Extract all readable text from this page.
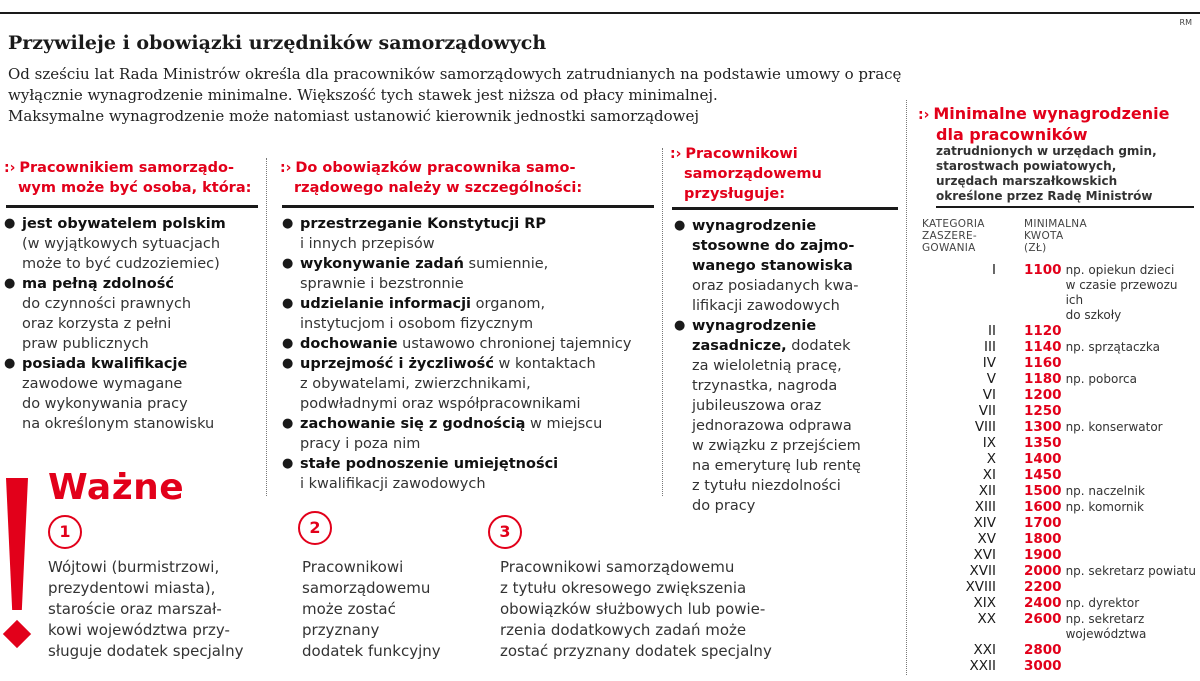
RM
Przywileje i obowiązki urzędników samorządowych

Od sześciu lat Rada Ministrów określa dla pracowników samorządowych zatrudnianych na podstawie umowy o pracę
wyłącznie wynagrodzenie minimalne. Większość tych stawek jest niższa od płacy minimalnej.
Maksymalne wynagrodzenie może natomiast ustanowić kierownik jednostki samorządowej

:› Pracownikiem samorządo- wym może być osoba, która:
● jest obywatelem polskim
(w wyjątkowych sytuacjach
może to być cudzoziemiec)
● ma pełną zdolność
do czynności prawnych
oraz korzysta z pełni
praw publicznych
● posiada kwalifikacje
zawodowe wymagane
do wykonywania pracy
na określonym stanowisku
:› Do obowiązków pracownika samo- rządowego należy w szczególności:
● przestrzeganie Konstytucji RP
i innych przepisów
● wykonywanie zadań sumiennie,
sprawnie i bezstronnie
● udzielanie informacji organom,
instytucjom i osobom fizycznym
● dochowanie ustawowo chronionej tajemnicy
● uprzejmość i życzliwość w kontaktach
z obywatelami, zwierzchnikami,
podwładnymi oraz współpracownikami
● zachowanie się z godnością w miejscu
pracy i poza nim
● stałe podnoszenie umiejętności
i kwalifikacji zawodowych
:› Pracownikowi samorządowemu przysługuje:
● wynagrodzenie
stosowne do zajmo-
wanego stanowiska
oraz posiadanych kwa-
lifikacji zawodowych
● wynagrodzenie
zasadnicze, dodatek
za wieloletnią pracę,
trzynastka, nagroda
jubileuszowa oraz
jednorazowa odprawa
w związku z przejściem
na emeryturę lub rentę
z tytułu niezdolności
do pracy
Ważne
1
Wójtowi (burmistrzowi,
prezydentowi miasta),
staroście oraz marszał-
kowi województwa przy-
sługuje dodatek specjalny
2
Pracownikowi
samorządowemu
może zostać
przyznany
dodatek funkcyjny
3
Pracownikowi samorządowemu
z tytułu okresowego zwiększenia
obowiązków służbowych lub powie-
rzenia dodatkowych zadań może
zostać przyznany dodatek specjalny
:› Minimalne wynagrodzenie
dla pracowników
zatrudnionych w urzędach gmin,
starostwach powiatowych,
urzędach marszałkowskich
określone przez Radę Ministrów
KATEGORIA
ZASZERE-
GOWANIA
MINIMALNA
KWOTA
(ZŁ)
I	1100 np. opiekun dzieci
w czasie przewozu ich
do szkoły
II	1120
III	1140 np. sprzątaczka
IV	1160
V	1180 np. poborca
VI	1200
VII	1250
VIII	1300 np. konserwator
IX	1350
X	1400
XI	1450
XII	1500 np. naczelnik
XIII	1600 np. komornik
XIV	1700
XV	1800
XVI	1900
XVII	2000 np. sekretarz powiatu
XVIII	2200
XIX	2400 np. dyrektor
XX	2600 np. sekretarz
województwa
XXI	2800
XXII	3000
